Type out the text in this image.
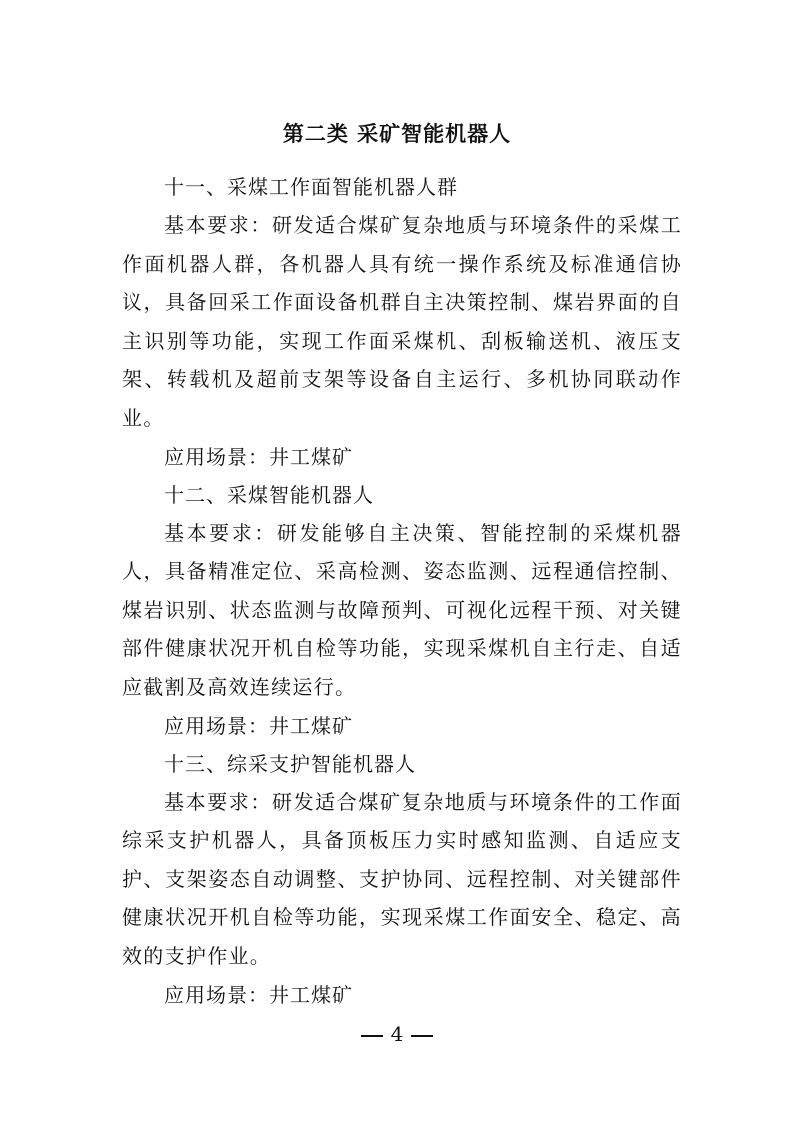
第二类 采矿智能机器人
十一、采煤工作面智能机器人群

基本要求：研发适合煤矿复杂地质与环境条件的采煤工作面机器人群，各机器人具有统一操作系统及标准通信协议，具备回采工作面设备机群自主决策控制、煤岩界面的自主识别等功能，实现工作面采煤机、刮板输送机、液压支架、转载机及超前支架等设备自主运行、多机协同联动作业。

应用场景：井工煤矿
十二、采煤智能机器人

基本要求：研发能够自主决策、智能控制的采煤机器人，具备精准定位、采高检测、姿态监测、远程通信控制、煤岩识别、状态监测与故障预判、可视化远程干预、对关键部件健康状况开机自检等功能，实现采煤机自主行走、自适应截割及高效连续运行。

应用场景：井工煤矿
十三、综采支护智能机器人

基本要求：研发适合煤矿复杂地质与环境条件的工作面综采支护机器人，具备顶板压力实时感知监测、自适应支护、支架姿态自动调整、支护协同、远程控制、对关键部件健康状况开机自检等功能，实现采煤工作面安全、稳定、高效的支护作业。

应用场景：井工煤矿
4
